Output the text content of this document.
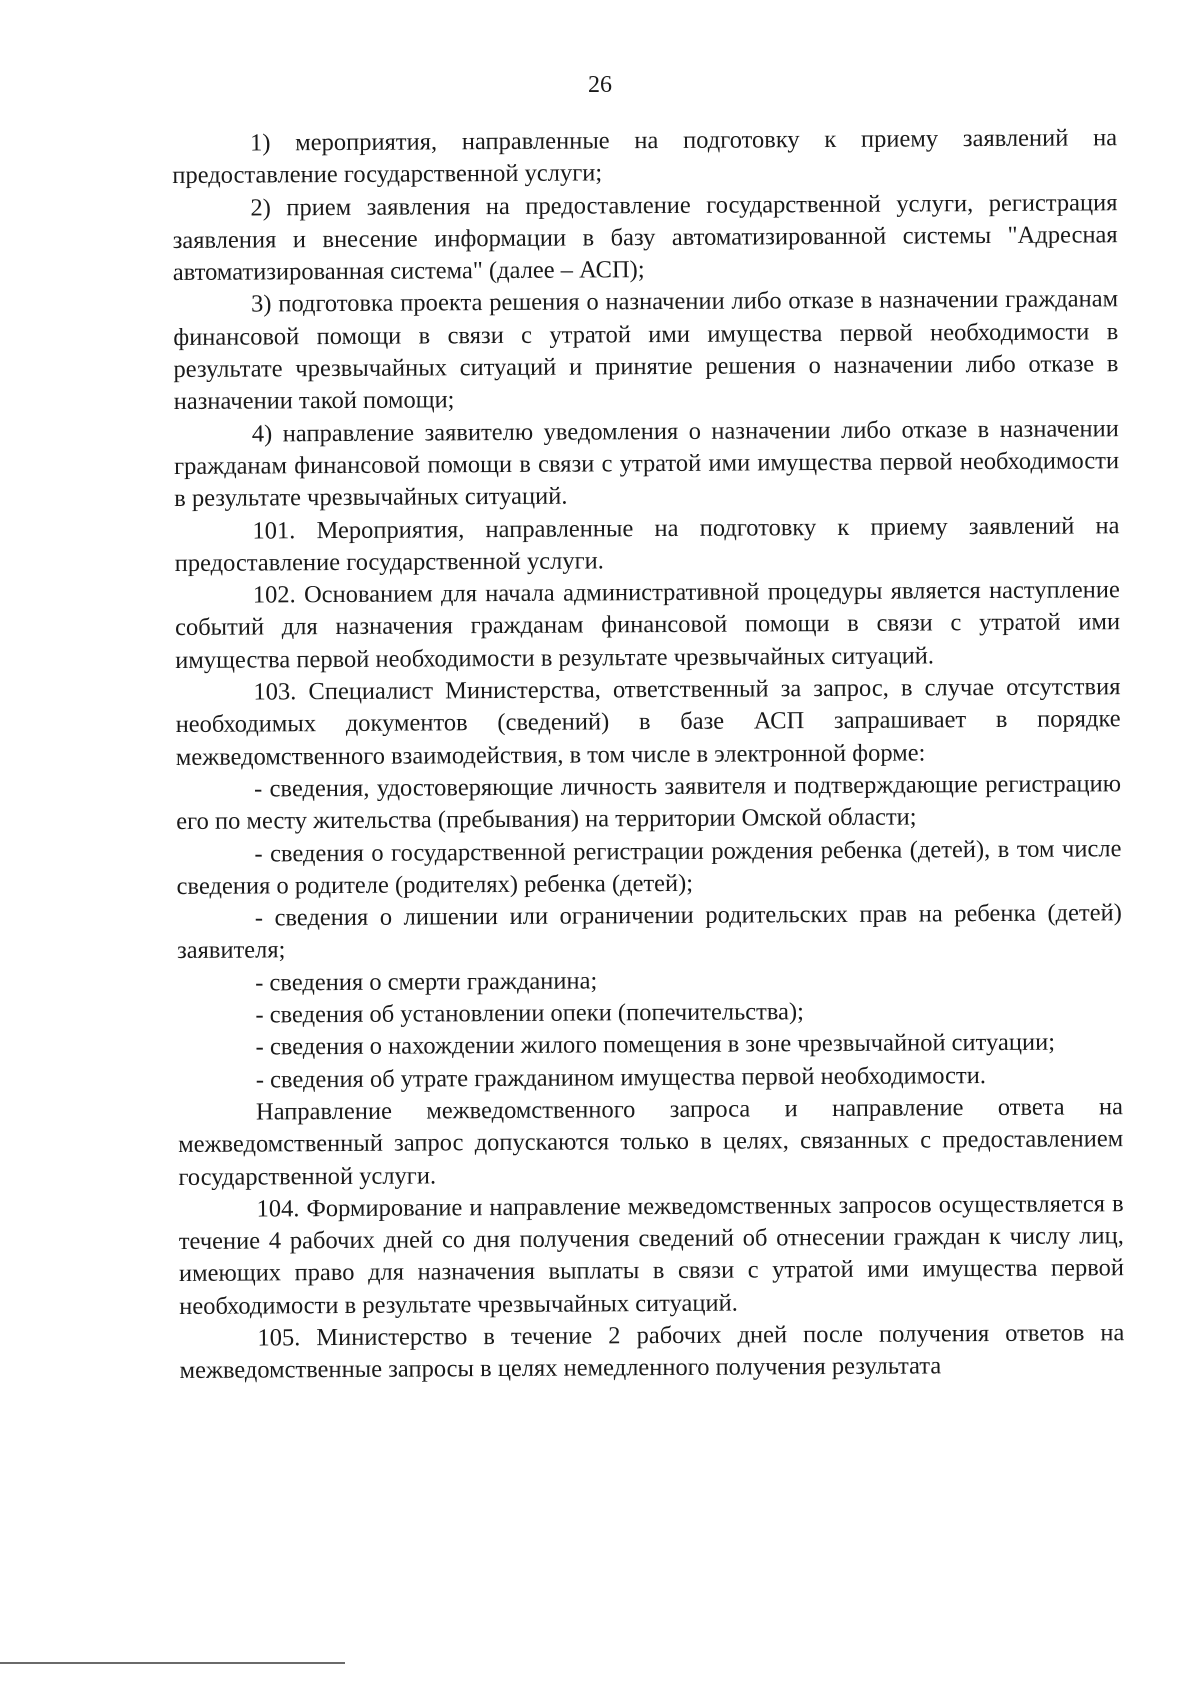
26

1) мероприятия, направленные на подготовку к приему заявлений на предоставление государственной услуги;

2) прием заявления на предоставление государственной услуги, регистрация заявления и внесение информации в базу автоматизированной системы "Адресная автоматизированная система" (далее – АСП);

3) подготовка проекта решения о назначении либо отказе в назначении гражданам финансовой помощи в связи с утратой ими имущества первой необходимости в результате чрезвычайных ситуаций и принятие решения о назначении либо отказе в назначении такой помощи;

4) направление заявителю уведомления о назначении либо отказе в назначении гражданам финансовой помощи в связи с утратой ими имущества первой необходимости в результате чрезвычайных ситуаций.

101. Мероприятия, направленные на подготовку к приему заявлений на предоставление государственной услуги.

102. Основанием для начала административной процедуры является наступление событий для назначения гражданам финансовой помощи в связи с утратой ими имущества первой необходимости в результате чрезвычайных ситуаций.

103. Специалист Министерства, ответственный за запрос, в случае отсутствия необходимых документов (сведений) в базе АСП запрашивает в порядке межведомственного взаимодействия, в том числе в электронной форме:

- сведения, удостоверяющие личность заявителя и подтверждающие регистрацию его по месту жительства (пребывания) на территории Омской области;

- сведения о государственной регистрации рождения ребенка (детей), в том числе сведения о родителе (родителях) ребенка (детей);

- сведения о лишении или ограничении родительских прав на ребенка (детей) заявителя;

- сведения о смерти гражданина;

- сведения об установлении опеки (попечительства);

- сведения о нахождении жилого помещения в зоне чрезвычайной ситуации;

- сведения об утрате гражданином имущества первой необходимости.

Направление межведомственного запроса и направление ответа на межведомственный запрос допускаются только в целях, связанных с предоставлением государственной услуги.

104. Формирование и направление межведомственных запросов осуществляется в течение 4 рабочих дней со дня получения сведений об отнесении граждан к числу лиц, имеющих право для назначения выплаты в связи с утратой ими имущества первой необходимости в результате чрезвычайных ситуаций.

105. Министерство в течение 2 рабочих дней после получения ответов на межведомственные запросы в целях немедленного получения результата
